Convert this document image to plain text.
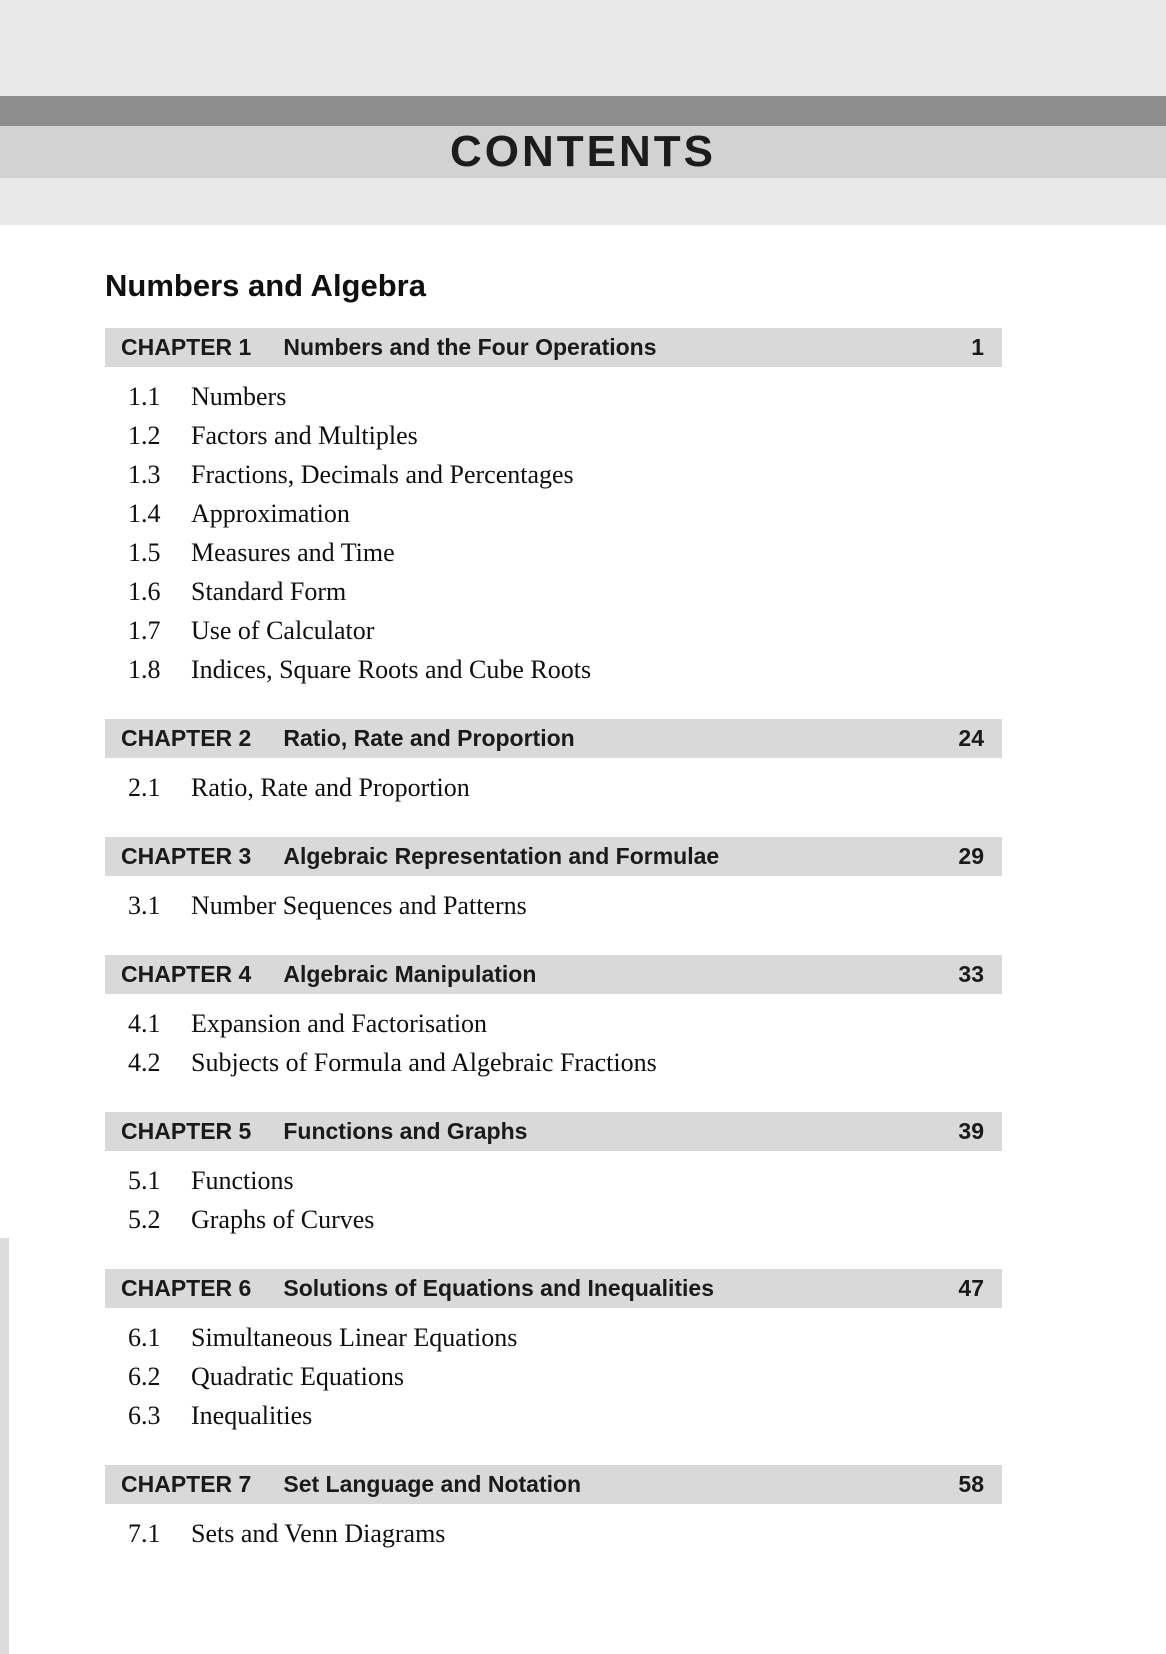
CONTENTS
Numbers and Algebra
CHAPTER 1 Numbers and the Four Operations	1
1.1	Numbers
1.2	Factors and Multiples
1.3	Fractions, Decimals and Percentages
1.4	Approximation
1.5	Measures and Time
1.6	Standard Form
1.7	Use of Calculator
1.8	Indices, Square Roots and Cube Roots
CHAPTER 2 Ratio, Rate and Proportion	24
2.1	Ratio, Rate and Proportion
CHAPTER 3 Algebraic Representation and Formulae	29
3.1	Number Sequences and Patterns
CHAPTER 4 Algebraic Manipulation	33
4.1	Expansion and Factorisation
4.2	Subjects of Formula and Algebraic Fractions
CHAPTER 5 Functions and Graphs	39
5.1	Functions
5.2	Graphs of Curves
CHAPTER 6 Solutions of Equations and Inequalities	47
6.1	Simultaneous Linear Equations
6.2	Quadratic Equations
6.3	Inequalities
CHAPTER 7 Set Language and Notation	58
7.1	Sets and Venn Diagrams
